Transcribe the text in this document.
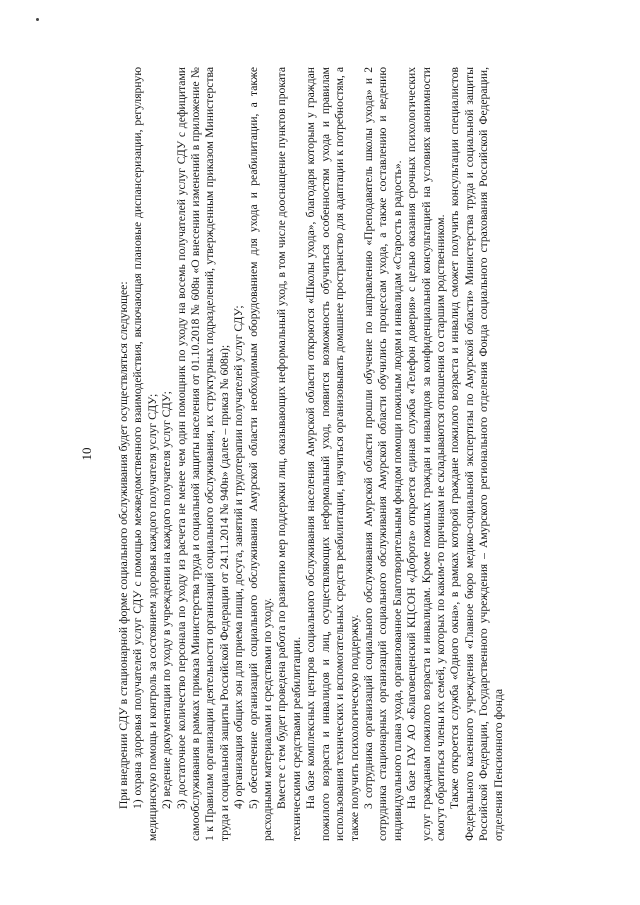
10 При внедрении СДУ в стационарной форме социального обслуживания будет осуществляться следующее: 1) охрана здоровья получателей услуг СДУ с помощью межведомственного взаимодействия, включающая плановые диспансеризации, регулярную медицинскую помощь и контроль за состоянием здоровья каждого получателя услуг СДУ; 2) ведение документации по уходу в учреждении на каждого получателя услуг СДУ; 3) достаточное количество персонала по уходу из расчета не менее чем один помощник по уходу на восемь получателей услуг СДУ с дефицитами самообслуживания в рамках приказа Министерства труда и социальной защиты населения от 01.10.2018 № 608н «О внесении изменений в приложение № 1 к Правилам организации деятельности организаций социального обслуживания, их структурных подразделений, утвержденным приказом Министерства труда и социальной защиты Российской Федерации от 24.11.2014 № 940н» (далее – приказ № 608н); 4) организация общих зон для приема пищи, досуга, занятий и трудотерапии получателей услуг СДУ; 5) обеспечение организаций социального обслуживания Амурской области необходимым оборудованием для ухода и реабилитации, а также расходными материалами и средствами по уходу. Вместе с тем будет проведена работа по развитию мер поддержки лиц, оказывающих неформальный уход, в том числе дооснащение пунктов проката техническими средствами реабилитации. На базе комплексных центров социального обслуживания населения Амурской области откроются «Школы ухода», благодаря которым у граждан пожилого возраста и инвалидов и лиц, осуществляющих неформальный уход, появится возможность обучиться особенностям ухода и правилам использования технических и вспомогательных средств реабилитации, научиться организовывать домашнее пространство для адаптации к потребностям, а также получить психологическую поддержку. 3 сотрудника организаций социального обслуживания Амурской области прошли обучение по направлению «Преподаватель школы ухода» и 2 сотрудника стационарных организаций социального обслуживания Амурской области обучились процессам ухода, а также составлению и ведению индивидуального плана ухода, организованное Благотворительным фондом помощи пожилым людям и инвалидам «Старость в радость». На базе ГАУ АО «Благовещенский КЦСОН «Доброта» откроется единая служба «Телефон доверия» с целью оказания срочных психологических услуг гражданам пожилого возраста и инвалидам. Кроме пожилых граждан и инвалидов за конфиденциальной консультацией на условиях анонимности смогут обратиться члены их семей, у которых по каким-то причинам не складываются отношения со старшим родственником. Также откроется служба «Одного окна», в рамках которой граждане пожилого возраста и инвалид сможет получить консультации специалистов Федерального казенного учреждения «Главное бюро медико-социальной экспертизы по Амурской области» Министерства труда и социальной защиты Российской Федерации, Государственного учреждения – Амурского регионального отделения Фонда социального страхования Российской Федерации, отделения Пенсионного фонда
